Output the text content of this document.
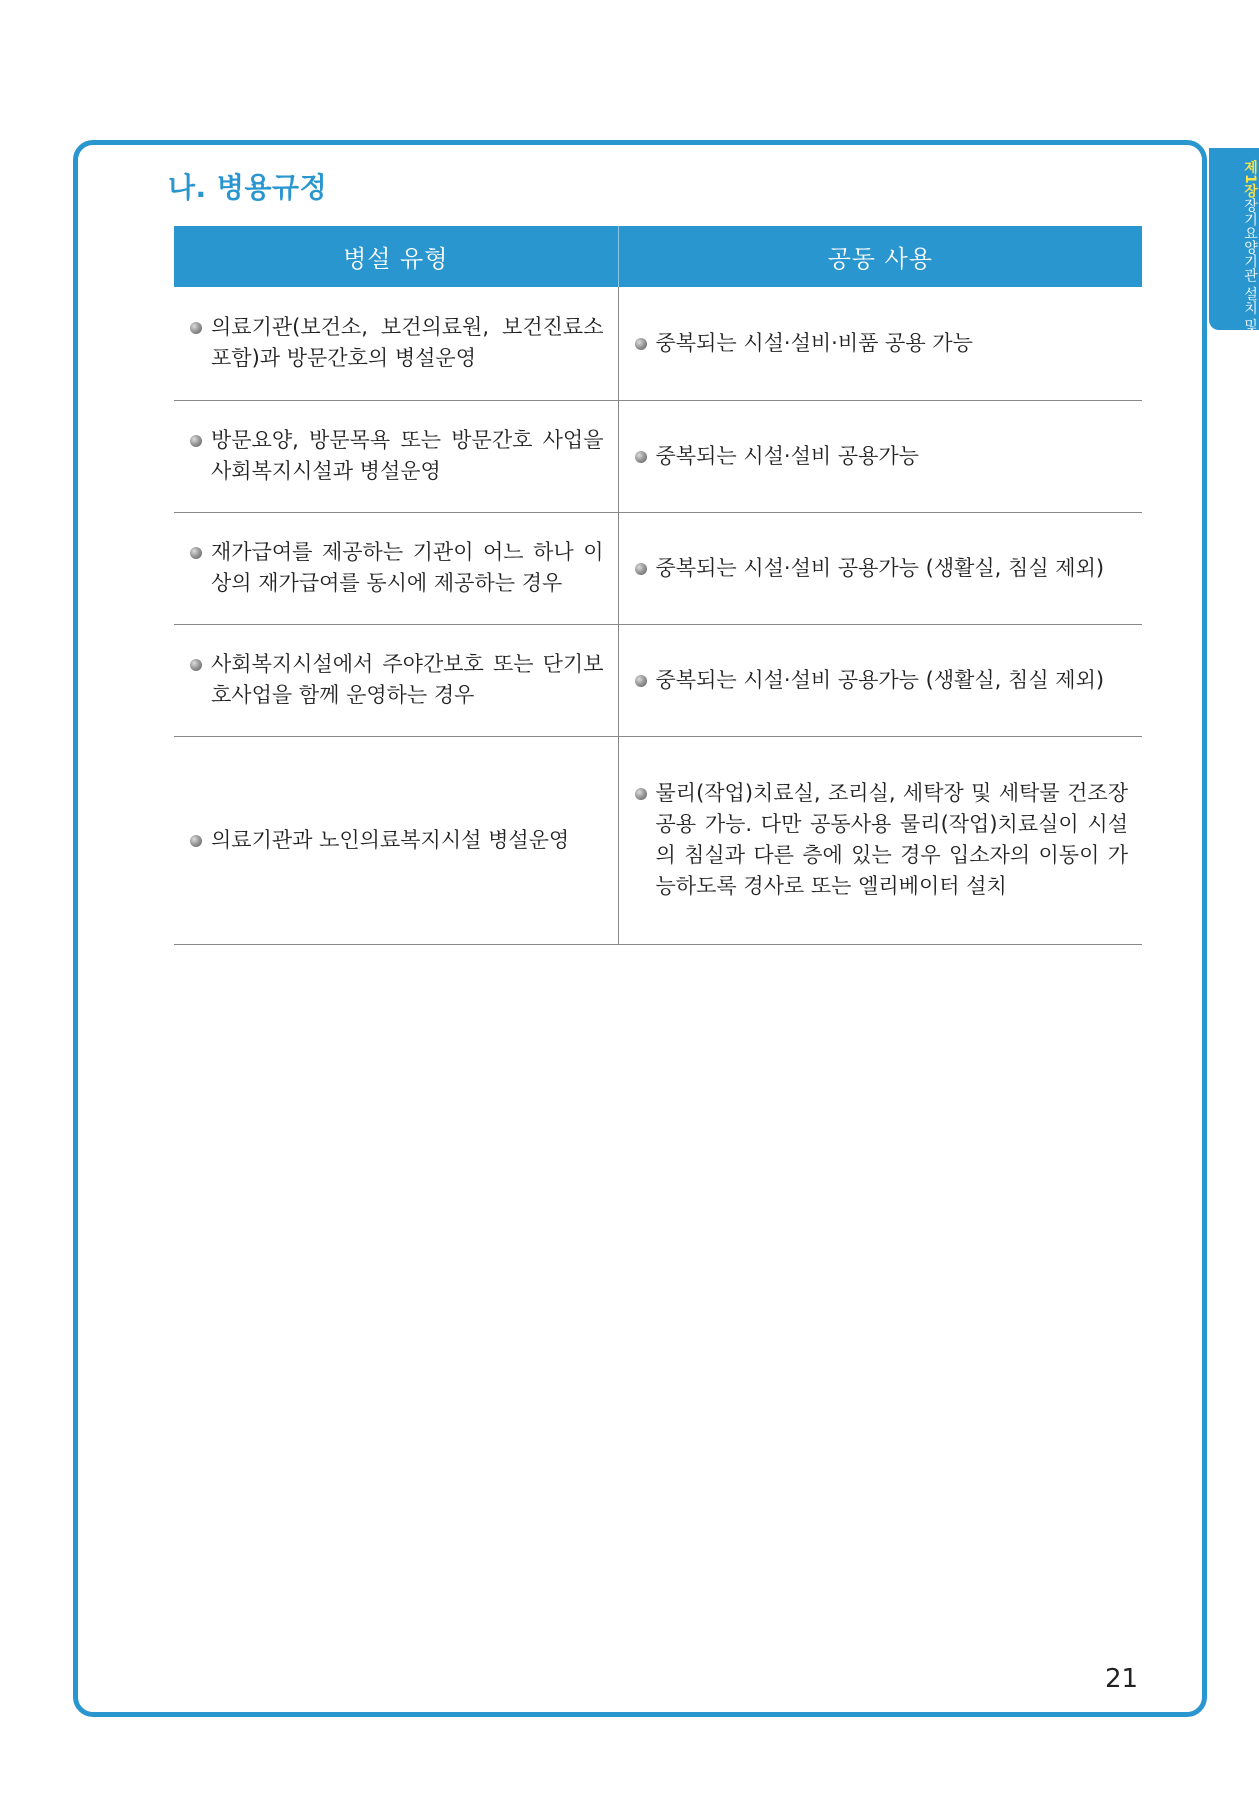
제1장
장기요양기관 설치 및 지정
나. 병용규정
병설 유형	공동 사용

의료기관(보건소, 보건의료원, 보건진료소 포함)과 방문간호의 병설운영	중복되는 시설·설비·비품 공용 가능

방문요양, 방문목욕 또는 방문간호 사업을 사회복지시설과 병설운영	중복되는 시설·설비 공용가능

재가급여를 제공하는 기관이 어느 하나 이상의 재가급여를 동시에 제공하는 경우	중복되는 시설·설비 공용가능 (생활실, 침실 제외)

사회복지시설에서 주야간보호 또는 단기보호사업을 함께 운영하는 경우	중복되는 시설·설비 공용가능 (생활실, 침실 제외)

의료기관과 노인의료복지시설 병설운영	물리(작업)치료실, 조리실, 세탁장 및 세탁물 건조장 공용 가능. 다만 공동사용 물리(작업)치료실이 시설의 침실과 다른 층에 있는 경우 입소자의 이동이 가능하도록 경사로 또는 엘리베이터 설치
21
